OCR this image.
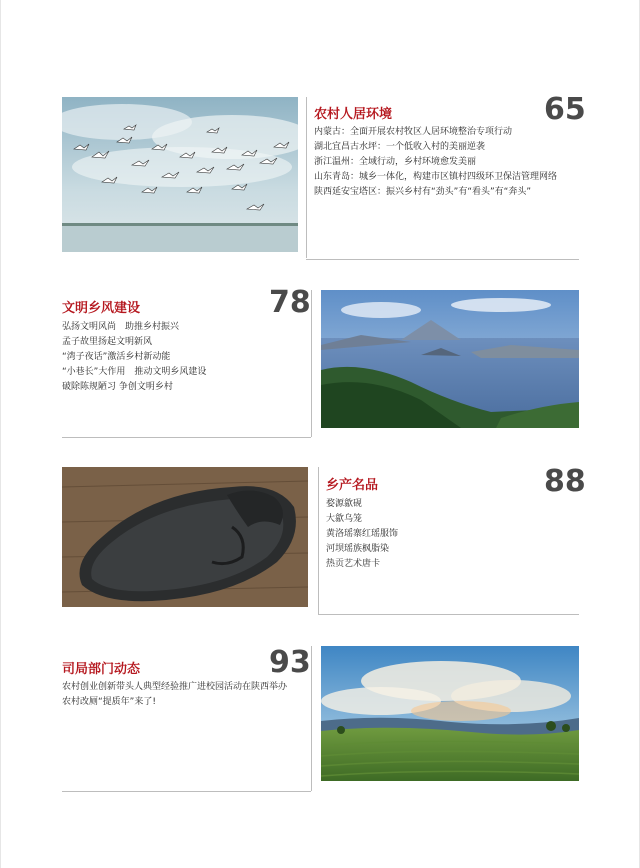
农村人居环境	65
内蒙古：全面开展农村牧区人居环境整治专项行动
湖北宜昌古水坪：一个低收入村的美丽逆袭
浙江温州：全域行动，乡村环境愈发美丽
山东青岛：城乡一体化，构建市区镇村四级环卫保洁管理网络
陕西延安宝塔区：振兴乡村有“劲头”有“看头”有“奔头”
文明乡风建设	78
弘扬文明风尚　助推乡村振兴
孟子故里扬起文明新风
“湾子夜话”激活乡村新动能
“小巷长”大作用　推动文明乡风建设
破除陈规陋习 争创文明乡村
乡产名品	88
婺源歙砚
大歙乌笼
黄洛瑶寨红瑶服饰
河坝瑶族枫脂染
热贡艺术唐卡
司局部门动态	93
农村创业创新带头人典型经验推广进校园活动在陕西举办
农村改厕“提质年”来了!
